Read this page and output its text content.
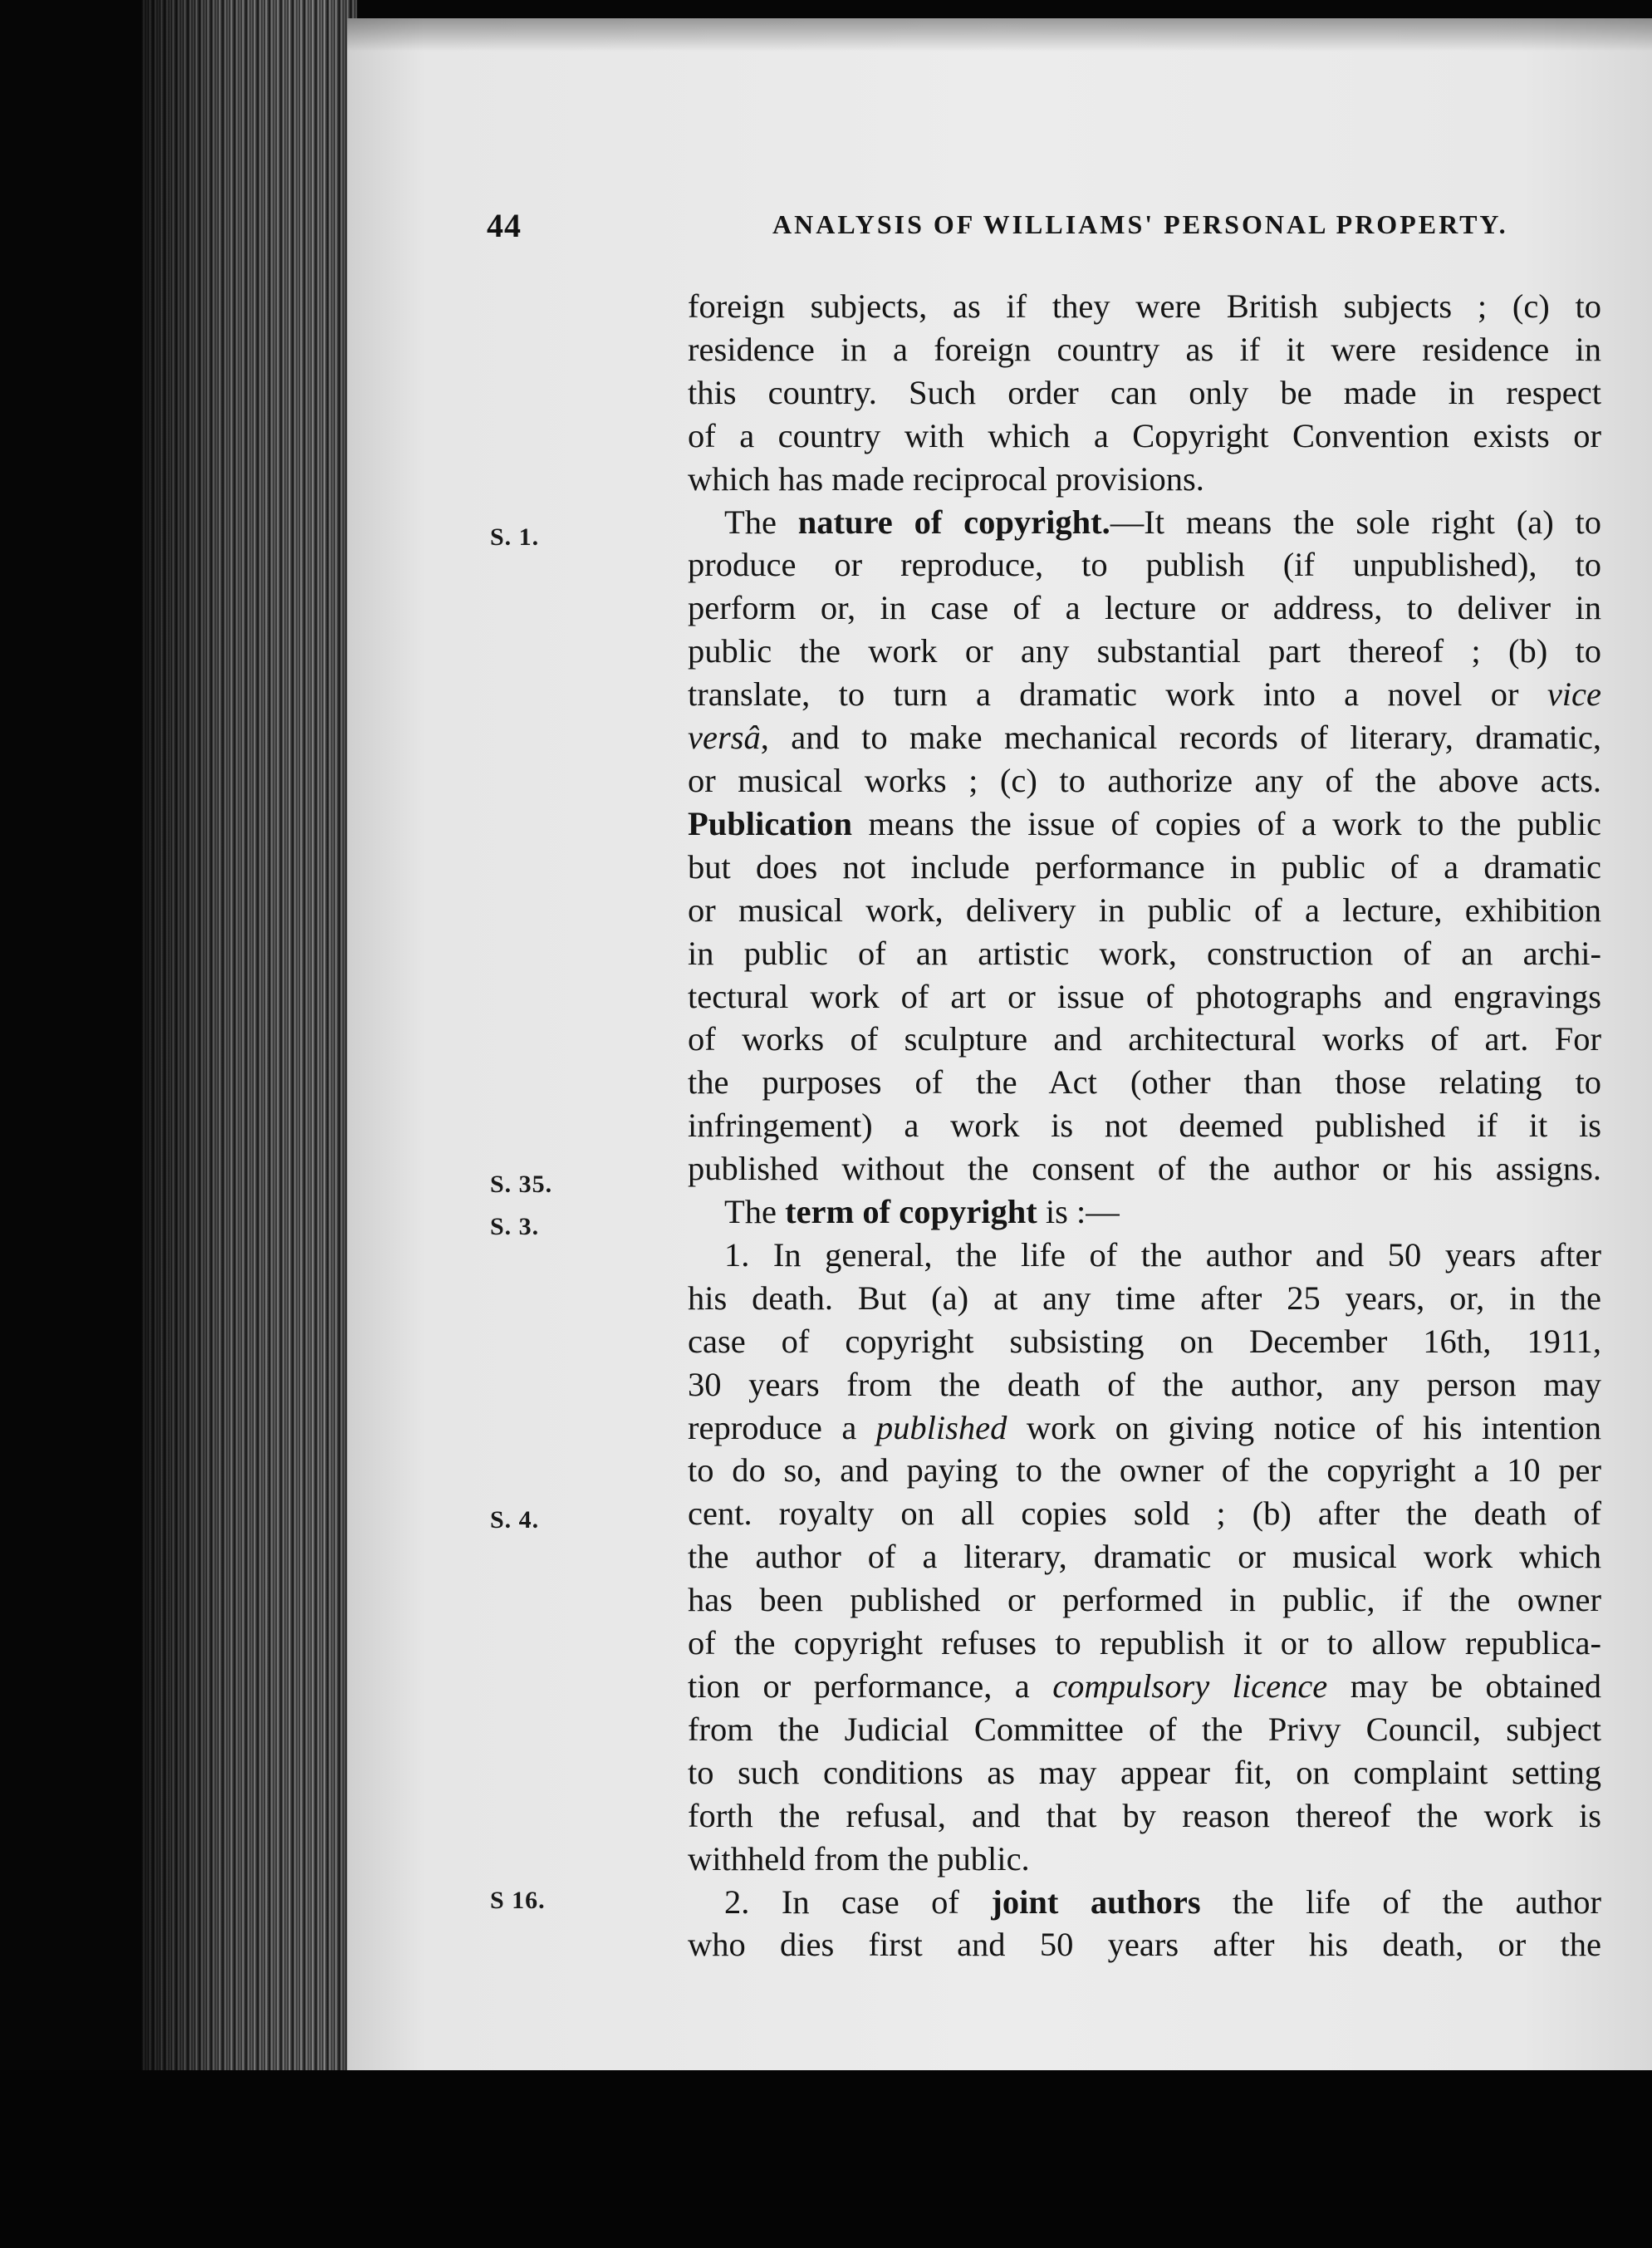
44	ANALYSIS OF WILLIAMS' PERSONAL PROPERTY.
S. 1.
S. 35.
S. 3.
S. 4.
S 16.
foreign subjects, as if they were British subjects ; (c) to
residence in a foreign country as if it were residence in
this country. Such order can only be made in respect
of a country with which a Copyright Convention exists or
which has made reciprocal provisions.
The nature of copyright.—It means the sole right (a) to
produce or reproduce, to publish (if unpublished), to
perform or, in case of a lecture or address, to deliver in
public the work or any substantial part thereof ; (b) to
translate, to turn a dramatic work into a novel or vice
versâ, and to make mechanical records of literary, dramatic,
or musical works ; (c) to authorize any of the above acts.
Publication means the issue of copies of a work to the public
but does not include performance in public of a dramatic
or musical work, delivery in public of a lecture, exhibition
in public of an artistic work, construction of an archi-
tectural work of art or issue of photographs and engravings
of works of sculpture and architectural works of art. For
the purposes of the Act (other than those relating to
infringement) a work is not deemed published if it is
published without the consent of the author or his assigns.
The term of copyright is :—
1. In general, the life of the author and 50 years after
his death. But (a) at any time after 25 years, or, in the
case of copyright subsisting on December 16th, 1911,
30 years from the death of the author, any person may
reproduce a published work on giving notice of his intention
to do so, and paying to the owner of the copyright a 10 per
cent. royalty on all copies sold ; (b) after the death of
the author of a literary, dramatic or musical work which
has been published or performed in public, if the owner
of the copyright refuses to republish it or to allow republica-
tion or performance, a compulsory licence may be obtained
from the Judicial Committee of the Privy Council, subject
to such conditions as may appear fit, on complaint setting
forth the refusal, and that by reason thereof the work is
withheld from the public.
2. In case of joint authors the life of the author
who dies first and 50 years after his death, or the
